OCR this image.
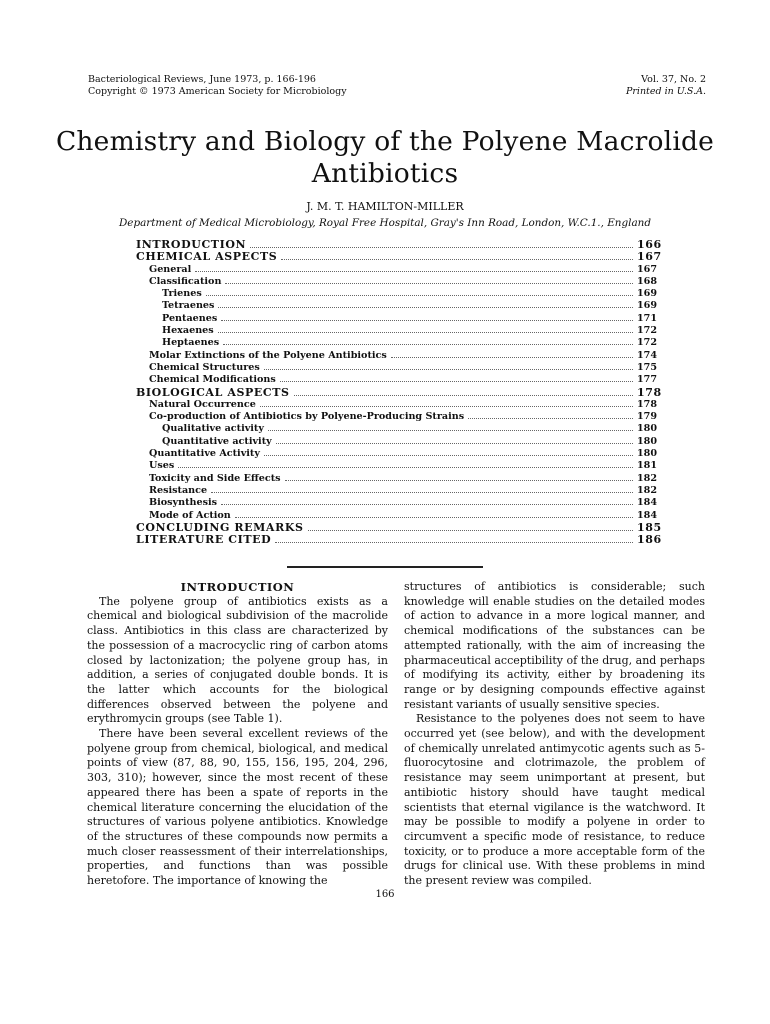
Bacteriological Reviews, June 1973, p. 166-196
Copyright © 1973 American Society for Microbiology
Vol. 37, No. 2
Printed in U.S.A.
Chemistry and Biology of the Polyene Macrolide
Antibiotics
J. M. T. HAMILTON-MILLER
Department of Medical Microbiology, Royal Free Hospital, Gray's Inn Road, London, W.C.1., England
INTRODUCTION	166
CHEMICAL ASPECTS	167
General	167
Classification	168
Trienes	169
Tetraenes	169
Pentaenes	171
Hexaenes	172
Heptaenes	172
Molar Extinctions of the Polyene Antibiotics	174
Chemical Structures	175
Chemical Modifications	177
BIOLOGICAL ASPECTS	178
Natural Occurrence	178
Co-production of Antibiotics by Polyene-Producing Strains	179
Qualitative activity	180
Quantitative activity	180
Quantitative Activity	180
Uses	181
Toxicity and Side Effects	182
Resistance	182
Biosynthesis	184
Mode of Action	184
CONCLUDING REMARKS	185
LITERATURE CITED	186
INTRODUCTION

The polyene group of antibiotics exists as a chemical and biological subdivision of the macrolide class. Antibiotics in this class are characterized by the possession of a macrocyclic ring of carbon atoms closed by lactonization; the polyene group has, in addition, a series of conjugated double bonds. It is the latter which accounts for the biological differences observed between the polyene and erythromycin groups (see Table 1).

There have been several excellent reviews of the polyene group from chemical, biological, and medical points of view (87, 88, 90, 155, 156, 195, 204, 296, 303, 310); however, since the most recent of these appeared there has been a spate of reports in the chemical literature concerning the elucidation of the structures of various polyene antibiotics. Knowledge of the structures of these compounds now permits a much closer reassessment of their interrelationships, properties, and functions than was possible heretofore. The importance of knowing the

structures of antibiotics is considerable; such knowledge will enable studies on the detailed modes of action to advance in a more logical manner, and chemical modifications of the substances can be attempted rationally, with the aim of increasing the pharmaceutical acceptibility of the drug, and perhaps of modifying its activity, either by broadening its range or by designing compounds effective against resistant variants of usually sensitive species.

Resistance to the polyenes does not seem to have occurred yet (see below), and with the development of chemically unrelated antimycotic agents such as 5-fluorocytosine and clotrimazole, the problem of resistance may seem unimportant at present, but antibiotic history should have taught medical scientists that eternal vigilance is the watchword. It may be possible to modify a polyene in order to circumvent a specific mode of resistance, to reduce toxicity, or to produce a more acceptable form of the drugs for clinical use. With these problems in mind the present review was compiled.

166
